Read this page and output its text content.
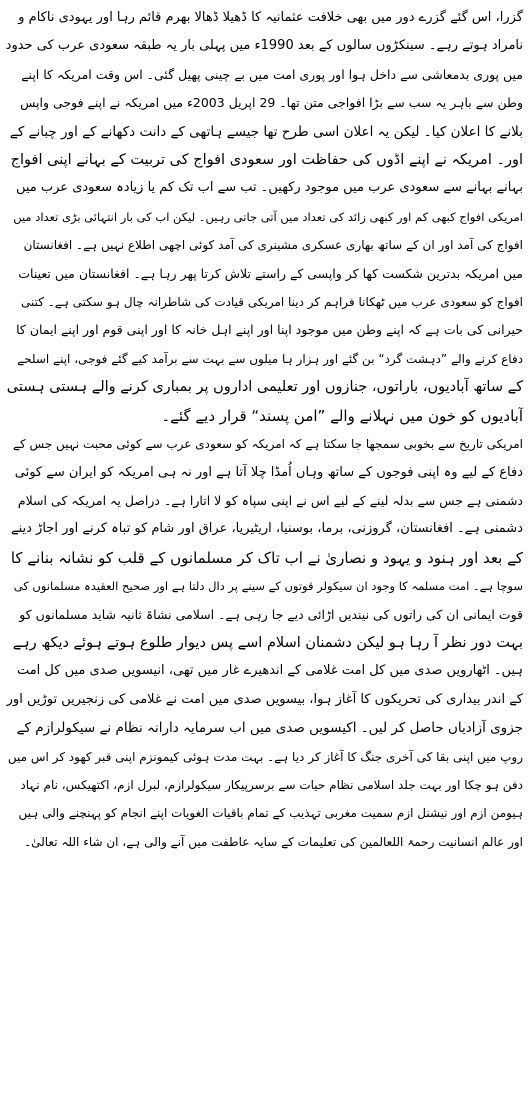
گزرا، اس گئے گزرے دور میں بھی خلافت عثمانیہ کا ڈھیلا ڈھالا بھرم قائم رہا اور یہودی ناکام و

نامراد ہوتے رہے۔ سینکڑوں سالوں کے بعد 1990ء میں پہلی بار یہ طبقہ سعودی عرب کی حدود

میں پوری بدمعاشی سے داخل ہوا اور پوری امت میں بے چینی پھیل گئی۔ اس وقت امریکہ کا اپنے

وطن سے باہر یہ سب سے بڑا افواجی متن تھا۔ 29 اپریل 2003ء میں امریکہ نے اپنے فوجی واپس

بلانے کا اعلان کیا۔ لیکن یہ اعلان اسی طرح تھا جیسے ہاتھی کے دانت دکھانے کے اور چبانے کے

اور۔ امریکہ نے اپنے اڈوں کی حفاظت اور سعودی افواج کی تربیت کے بہانے اپنی افواج

بہانے بہانے سے سعودی عرب میں موجود رکھیں۔ تب سے اب تک کم یا زیادہ سعودی عرب میں

امریکی افواج کبھی کم اور کبھی زائد کی تعداد میں آتی جاتی رہیں۔ لیکن اب کی بار انتہائی بڑی تعداد میں

افواج کی آمد اور ان کے ساتھ بھاری عسکری مشینری کی آمد کوئی اچھی اطلاع نہیں ہے۔ افغانستان

میں امریکہ بدترین شکست کھا کر واپسی کے راستے تلاش کرتا پھر رہا ہے۔ افغانستان میں تعینات

افواج کو سعودی عرب میں ٹھکانا فراہم کر دینا امریکی قیادت کی شاطرانہ چال ہو سکتی ہے۔ کتنی

حیرانی کی بات ہے کہ اپنے وطن میں موجود اپنا اور اپنے اہل خانہ کا اور اپنی قوم اور اپنے ایمان کا

دفاع کرنے والے ”دہشت گرد“ بن گئے اور ہزار ہا میلوں سے بہت سے برآمد کیے گئے فوجی، اپنے اسلحے

کے ساتھ آبادیوں، باراتوں، جنازوں اور تعلیمی اداروں پر بمباری کرنے والے ہستی ہستی

آبادیوں کو خون میں نہلانے والے ”امن پسند“ قرار دیے گئے۔

امریکی تاریخ سے بخوبی سمجھا جا سکتا ہے کہ امریکہ کو سعودی عرب سے کوئی محبت نہیں جس کے

دفاع کے لیے وہ اپنی فوجوں کے ساتھ وہاں اُمڈا چلا آتا ہے اور نہ ہی امریکہ کو ایران سے کوئی

دشمنی ہے جس سے بدلہ لینے کے لیے اس نے اپنی سپاہ کو لا اتارا ہے۔ دراصل یہ امریکہ کی اسلام

دشمنی ہے۔ افغانستان، گروزنی، برما، بوسنیا، اریٹیریا، عراق اور شام کو تباہ کرنے اور اجاڑ دینے

کے بعد اور ہنود و یہود و نصاریٰ نے اب تاک کر مسلمانوں کے قلب کو نشانہ بنانے کا

سوچا ہے۔ امت مسلمہ کا وجود ان سیکولر قوتوں کے سینے پر دال دلتا ہے اور صحیح العقیدہ مسلمانوں کی

قوت ایمانی ان کی راتوں کی نیندیں اڑائی دیے جا رہی ہے۔ اسلامی نشاۃ ثانیہ شاید مسلمانوں کو

بہت دور نظر آ رہا ہو لیکن دشمنان اسلام اسے پس دیوار طلوع ہوتے ہوئے دیکھ رہے

ہیں۔ اٹھارویں صدی میں کل امت غلامی کے اندھیرے غار میں تھی، انیسویں صدی میں کل امت

کے اندر بیداری کی تحریکوں کا آغاز ہوا، بیسویں صدی میں امت نے غلامی کی زنجیریں توڑیں اور

جزوی آزادیاں حاصل کر لیں۔ اکیسویں صدی میں اب سرمایہ دارانہ نظام نے سیکولرازم کے

روپ میں اپنی بقا کی آخری جنگ کا آغاز کر دیا ہے۔ بہت مدت ہوئی کیمونزم اپنی قبر کھود کر اس میں

دفن ہو چکا اور بہت جلد اسلامی نظام حیات سے برسرپیکار سیکولرازم، لبرل ازم، اکتھیکس، نام نہاد

ہیومن ازم اور نیشنل ازم سمیت مغربی تہذیب کے تمام باقیات الغویات اپنے انجام کو پہنچنے والی ہیں

اور عالم انسانیت رحمۃ اللعالمین کی تعلیمات کے سایہ عاطفت میں آنے والی ہے، ان شاء اللہ تعالیٰ۔
